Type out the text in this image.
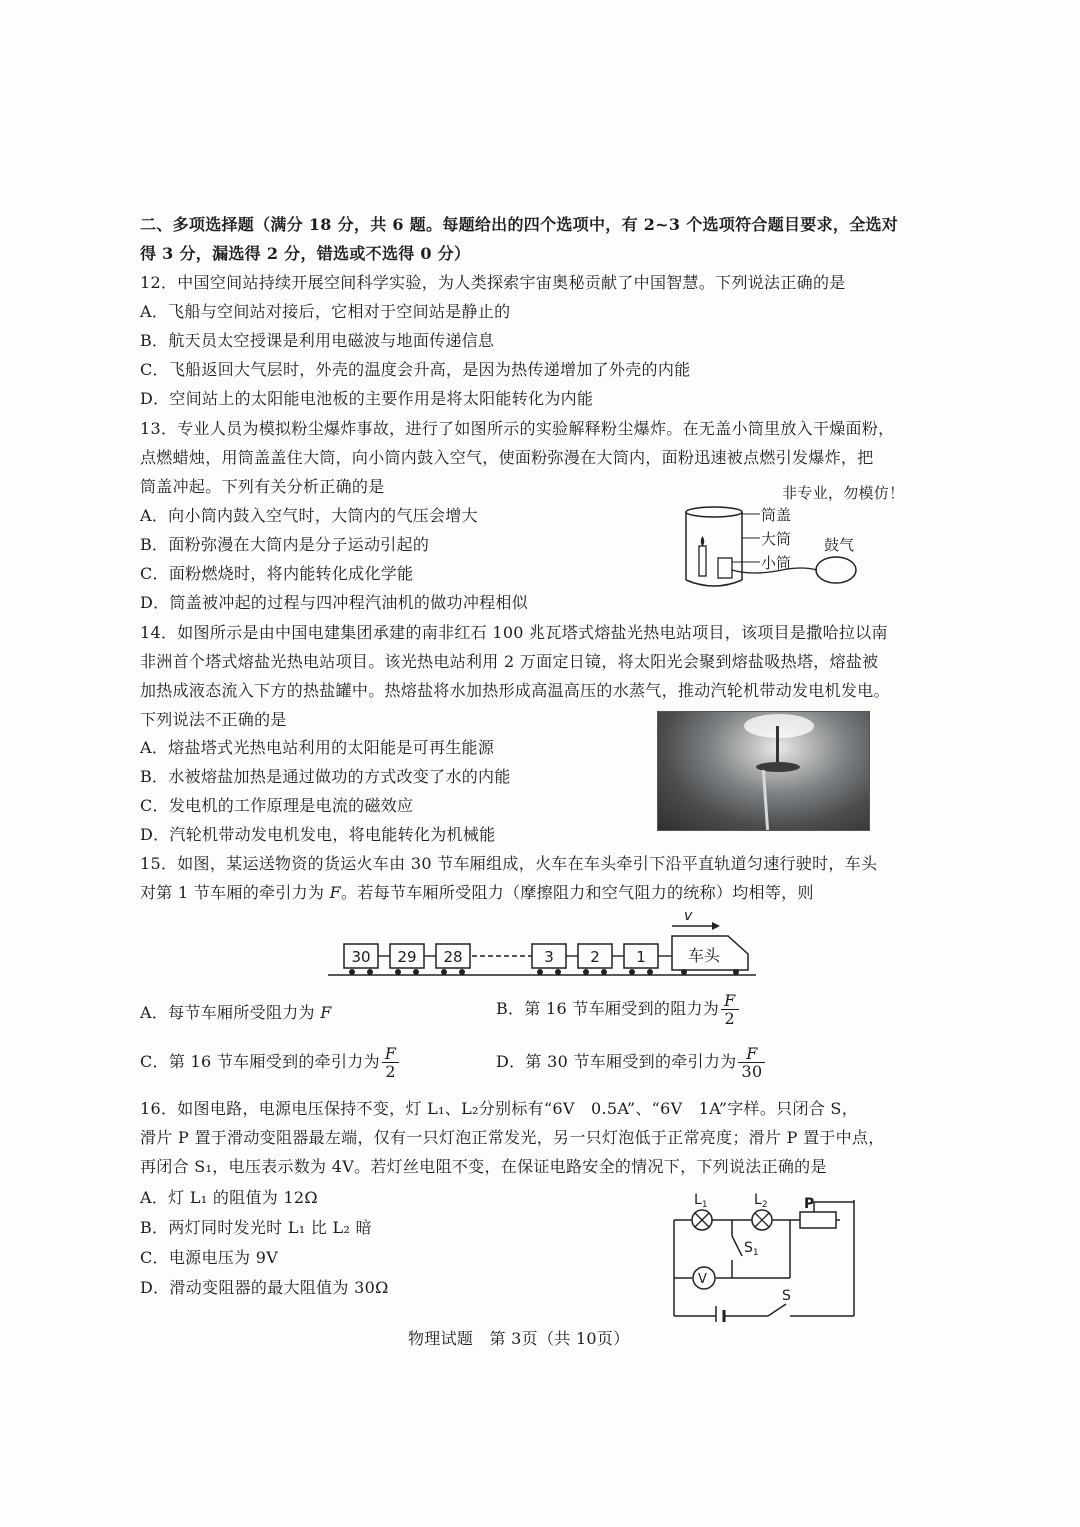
二、多项选择题（满分 18 分，共 6 题。每题给出的四个选项中，有 2~3 个选项符合题目要求，全选对
得 3 分，漏选得 2 分，错选或不选得 0 分）
12．中国空间站持续开展空间科学实验，为人类探索宇宙奥秘贡献了中国智慧。下列说法正确的是
A．飞船与空间站对接后，它相对于空间站是静止的
B．航天员太空授课是利用电磁波与地面传递信息
C．飞船返回大气层时，外壳的温度会升高，是因为热传递增加了外壳的内能
D．空间站上的太阳能电池板的主要作用是将太阳能转化为内能
13．专业人员为模拟粉尘爆炸事故，进行了如图所示的实验解释粉尘爆炸。在无盖小筒里放入干燥面粉，
点燃蜡烛，用筒盖盖住大筒，向小筒内鼓入空气，使面粉弥漫在大筒内，面粉迅速被点燃引发爆炸，把
筒盖冲起。下列有关分析正确的是	非专业，勿模仿！
A．向小筒内鼓入空气时，大筒内的气压会增大
B．面粉弥漫在大筒内是分子运动引起的
C．面粉燃烧时，将内能转化成化学能
D．筒盖被冲起的过程与四冲程汽油机的做功冲程相似
筒盖
大筒
小筒
鼓气
14．如图所示是由中国电建集团承建的南非红石 100 兆瓦塔式熔盐光热电站项目，该项目是撒哈拉以南
非洲首个塔式熔盐光热电站项目。该光热电站利用 2 万面定日镜，将太阳光会聚到熔盐吸热塔，熔盐被
加热成液态流入下方的热盐罐中。热熔盐将水加热形成高温高压的水蒸气，推动汽轮机带动发电机发电。
下列说法不正确的是
A．熔盐塔式光热电站利用的太阳能是可再生能源
B．水被熔盐加热是通过做功的方式改变了水的内能
C．发电机的工作原理是电流的磁效应
D．汽轮机带动发电机发电，将电能转化为机械能
15．如图，某运送物资的货运火车由 30 节车厢组成，火车在车头牵引下沿平直轨道匀速行驶时，车头
对第 1 节车厢的牵引力为 F。若每节车厢所受阻力（摩擦阻力和空气阻力的统称）均相等，则
30 29 28	3 2 1	车头
v
A．每节车厢所受阻力为 F	B．第 16 节车厢受到的阻力为 $\frac{F}{2}$
C．第 16 节车厢受到的牵引力为 $\frac{F}{2}$	D．第 30 节车厢受到的牵引力为 $\frac{F}{30}$
16．如图电路，电源电压保持不变，灯 L₁、L₂分别标有“6V　0.5A”、“6V　1A”字样。只闭合 S，
滑片 P 置于滑动变阻器最左端，仅有一只灯泡正常发光，另一只灯泡低于正常亮度；滑片 P 置于中点，
再闭合 S₁，电压表示数为 4V。若灯丝电阻不变，在保证电路安全的情况下，下列说法正确的是
A．灯 L₁ 的阻值为 12Ω
B．两灯同时发光时 L₁ 比 L₂ 暗
C．电源电压为 9V
D．滑动变阻器的最大阻值为 30Ω	V
$L_1$	$L_2$	P
$S_1$
S
物理试题　第 3页（共 10页）
